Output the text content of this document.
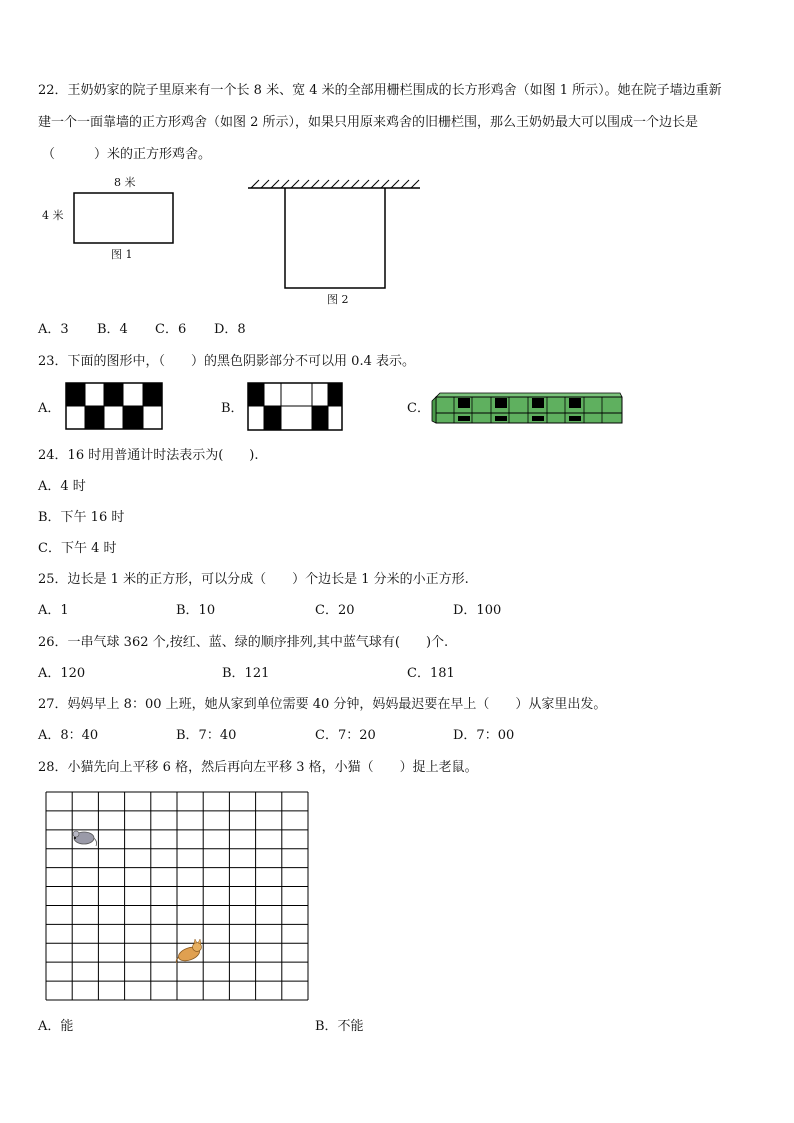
22．王奶奶家的院子里原来有一个长 8 米、宽 4 米的全部用栅栏围成的长方形鸡舍（如图 1 所示）。她在院子墙边重新
建一个一面靠墙的正方形鸡舍（如图 2 所示），如果只用原来鸡舍的旧栅栏围，那么王奶奶最大可以围成一个边长是
（　　　）米的正方形鸡舍。
8 米
4 米
图 1
图 2
A．3 B．4 C．6 D．8
23．下面的图形中，（　　）的黑色阴影部分不可以用 0.4 表示。
A．	B．	C．
24．16 时用普通计时法表示为(　　).
A．4 时
B．下午 16 时
C．下午 4 时
25．边长是 1 米的正方形，可以分成（　　）个边长是 1 分米的小正方形.
A．1	B．10	C．20	D．100
26．一串气球 362 个,按红、蓝、绿的顺序排列,其中蓝气球有(　　)个.
A．120	B．121	C．181
27．妈妈早上 8：00 上班，她从家到单位需要 40 分钟，妈妈最迟要在早上（　　）从家里出发。
A．8：40	B．7：40	C．7：20	D．7：00
28．小猫先向上平移 6 格，然后再向左平移 3 格，小猫（　　）捉上老鼠。
A．能	B．不能
